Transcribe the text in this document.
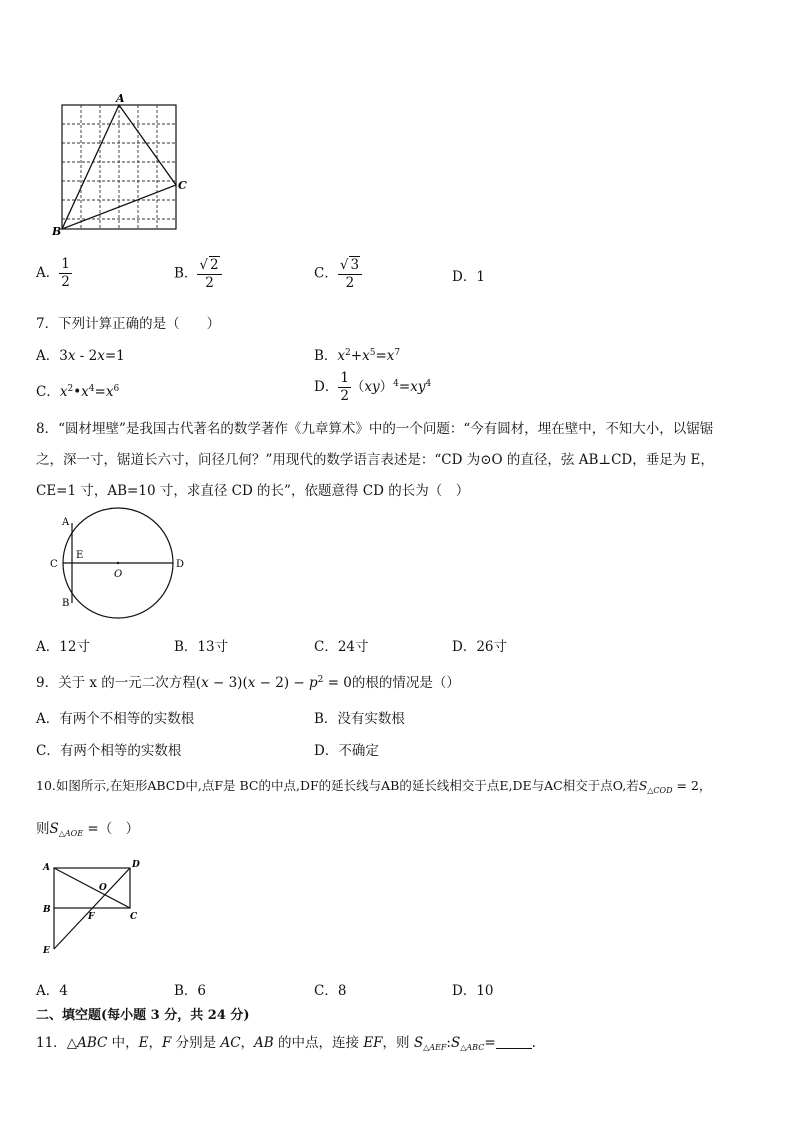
A
B
C
A． $\frac{1}{2}$	B． $\frac{√ 2}{2}$	C． $\frac{√ 3}{2}$	D．1
7．下列计算正确的是（　　）
A．3x - 2x=1	B．$x^2+x^5=x^7$
C．$x^2•x^4=x^6$	D． $\frac{1}{2} (xy)^4=xy^4$
8．“圆材埋壁”是我国古代著名的数学著作《九章算术》中的一个问题：“今有圆材，埋在壁中，不知大小，以锯锯
之，深一寸，锯道长六寸，问径几何？”用现代的数学语言表述是：“CD 为⊙O 的直径，弦 AB⊥CD，垂足为 E，
CE=1 寸，AB=10 寸，求直径 CD 的长”，依题意得 CD 的长为（　）
A
B
C	D
E
O
A．12寸	B．13寸	C．24寸	D．26寸
9．关于 x 的一元二次方程$(x - 3)(x - 2) - p^2 = 0$的根的情况是（）
A．有两个不相等的实数根	B．没有实数根
C．有两个相等的实数根	D．不确定
10.如图所示,在矩形ABCD中,点F是 BC的中点,DF的延长线与AB的延长线相交于点E,DE与AC相交于点O,若$S_{\triangle COD} = 2$，
则$S_{\triangle AOE}$ =（　）
A	D
B
C
E
F
O
A．4	B．6	C．8	D．10
二、填空题(每小题 3 分，共 24 分)
11．△ABC 中，E，F 分别是 AC，AB 的中点，连接 EF，则 $S_{\triangle AEF}:S_{\triangle ABC}=$	.
